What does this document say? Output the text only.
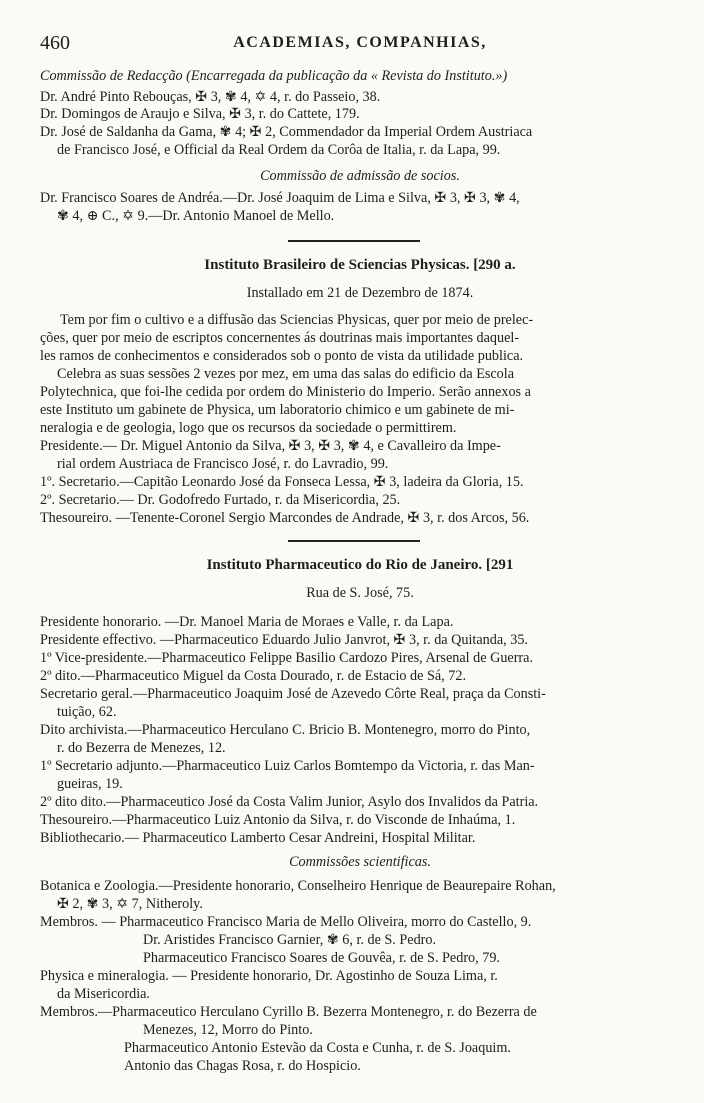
460	ACADEMIAS, COMPANHIAS,
Commissão de Redacção (Encarregada da publicação da « Revista do Instituto.»)
Dr. André Pinto Rebouças, ✠ 3, ✾ 4, ✡ 4, r. do Passeio, 38.
Dr. Domingos de Araujo e Silva, ✠ 3, r. do Cattete, 179.
Dr. José de Saldanha da Gama, ✾ 4; ✠ 2, Commendador da Imperial Ordem Austriaca
de Francisco José, e Official da Real Ordem da Corôa de Italia, r. da Lapa, 99.
Commissão de admissão de socios.
Dr. Francisco Soares de Andréa.—Dr. José Joaquim de Lima e Silva, ✠ 3, ✠ 3, ✾ 4,
✾ 4, ⊕ C., ✡ 9.—Dr. Antonio Manoel de Mello.
Instituto Brasileiro de Sciencias Physicas. [290 a.
Installado em 21 de Dezembro de 1874.
Tem por fim o cultivo e a diffusão das Sciencias Physicas, quer por meio de prelec-
ções, quer por meio de escriptos concernentes ás doutrinas mais importantes daquel-
les ramos de conhecimentos e considerados sob o ponto de vista da utilidade publica.
Celebra as suas sessões 2 vezes por mez, em uma das salas do edificio da Escola
Polytechnica, que foi-lhe cedida por ordem do Ministerio do Imperio. Serão annexos a
este Instituto um gabinete de Physica, um laboratorio chimico e um gabinete de mi-
neralogia e de geologia, logo que os recursos da sociedade o permittirem.
Presidente.— Dr. Miguel Antonio da Silva, ✠ 3, ✠ 3, ✾ 4, e Cavalleiro da Impe-
rial ordem Austriaca de Francisco José, r. do Lavradio, 99.
1º. Secretario.—Capitão Leonardo José da Fonseca Lessa, ✠ 3, ladeira da Gloria, 15.
2º. Secretario.— Dr. Godofredo Furtado, r. da Misericordia, 25.
Thesoureiro. —Tenente-Coronel Sergio Marcondes de Andrade, ✠ 3, r. dos Arcos, 56.
Instituto Pharmaceutico do Rio de Janeiro. [291
Rua de S. José, 75.
Presidente honorario. —Dr. Manoel Maria de Moraes e Valle, r. da Lapa.
Presidente effectivo. —Pharmaceutico Eduardo Julio Janvrot, ✠ 3, r. da Quitanda, 35.
1º Vice-presidente.—Pharmaceutico Felippe Basilio Cardozo Pires, Arsenal de Guerra.
2º dito.—Pharmaceutico Miguel da Costa Dourado, r. de Estacio de Sá, 72.
Secretario geral.—Pharmaceutico Joaquim José de Azevedo Côrte Real, praça da Consti-
tuição, 62.
Dito archivista.—Pharmaceutico Herculano C. Bricio B. Montenegro, morro do Pinto,
r. do Bezerra de Menezes, 12.
1º Secretario adjunto.—Pharmaceutico Luiz Carlos Bomtempo da Victoria, r. das Man-
gueiras, 19.
2º dito dito.—Pharmaceutico José da Costa Valim Junior, Asylo dos Invalidos da Patria.
Thesoureiro.—Pharmaceutico Luiz Antonio da Silva, r. do Visconde de Inhaúma, 1.
Bibliothecario.— Pharmaceutico Lamberto Cesar Andreini, Hospital Militar.
Commissões scientificas.
Botanica e Zoologia.—Presidente honorario, Conselheiro Henrique de Beaurepaire Rohan,
✠ 2, ✾ 3, ✡ 7, Nitheroly.
Membros. — Pharmaceutico Francisco Maria de Mello Oliveira, morro do Castello, 9.
Dr. Aristides Francisco Garnier, ✾ 6, r. de S. Pedro.
Pharmaceutico Francisco Soares de Gouvêa, r. de S. Pedro, 79.
Physica e mineralogia. — Presidente honorario, Dr. Agostinho de Souza Lima, r.
da Misericordia.
Membros.—Pharmaceutico Herculano Cyrillo B. Bezerra Montenegro, r. do Bezerra de
Menezes, 12, Morro do Pinto.
Pharmaceutico Antonio Estevão da Costa e Cunha, r. de S. Joaquim.
Antonio das Chagas Rosa, r. do Hospicio.
